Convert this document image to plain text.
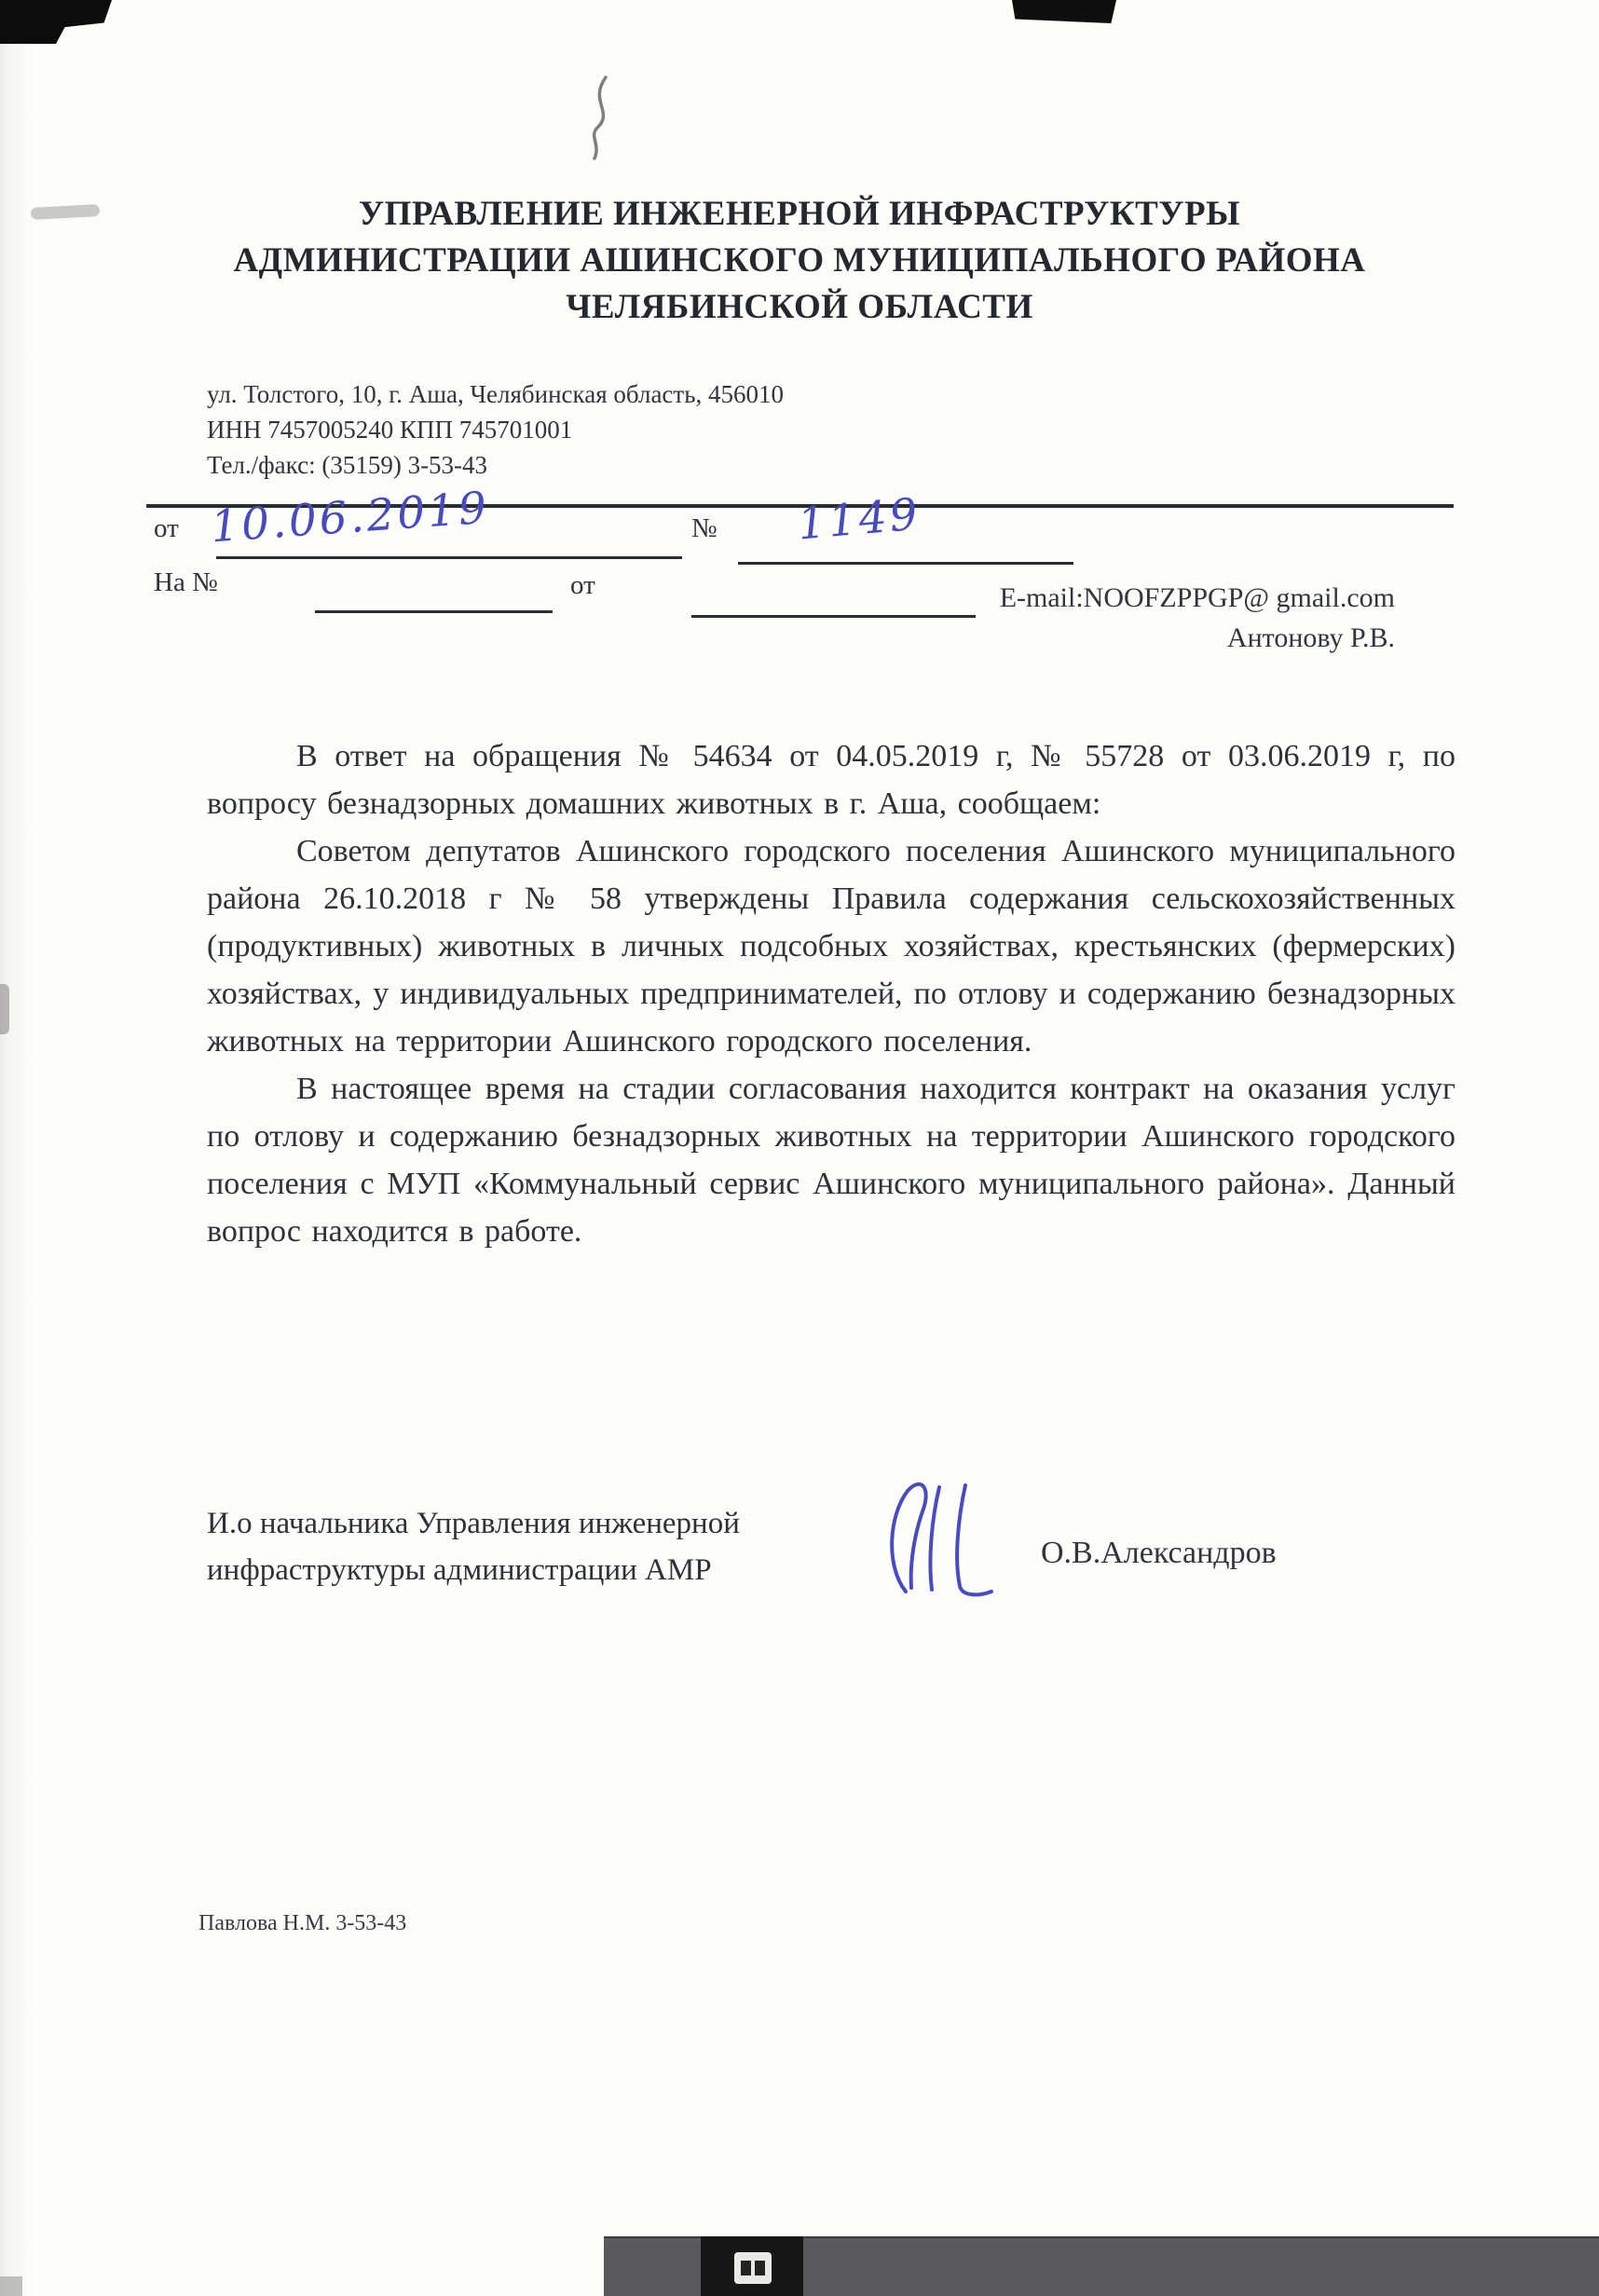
УПРАВЛЕНИЕ ИНЖЕНЕРНОЙ ИНФРАСТРУКТУРЫ
АДМИНИСТРАЦИИ АШИНСКОГО МУНИЦИПАЛЬНОГО РАЙОНА
ЧЕЛЯБИНСКОЙ ОБЛАСТИ
ул. Толстого, 10, г. Аша, Челябинская область, 456010
ИНН 7457005240 КПП 745701001
Тел./факс: (35159) 3-53-43
от 10.06.2019	№ 1149
На №	от	E-mail:NOOFZPPGP@ gmail.com
Антонову Р.В.

В ответ на обращения № 54634 от 04.05.2019 г, № 55728 от 03.06.2019 г, по вопросу безнадзорных домашних животных в г. Аша, сообщаем:

Советом депутатов Ашинского городского поселения Ашинского муниципального района 26.10.2018 г № 58 утверждены Правила содержания сельскохозяйственных (продуктивных) животных в личных подсобных хозяйствах, крестьянских (фермерских) хозяйствах, у индивидуальных предпринимателей, по отлову и содержанию безнадзорных животных на территории Ашинского городского поселения.

В настоящее время на стадии согласования находится контракт на оказания услуг по отлову и содержанию безнадзорных животных на территории Ашинского городского поселения с МУП «Коммунальный сервис Ашинского муниципального района». Данный вопрос находится в работе.

И.о начальника Управления инженерной
инфраструктуры администрации АМР	О.В.Александров
Павлова Н.М. 3-53-43
